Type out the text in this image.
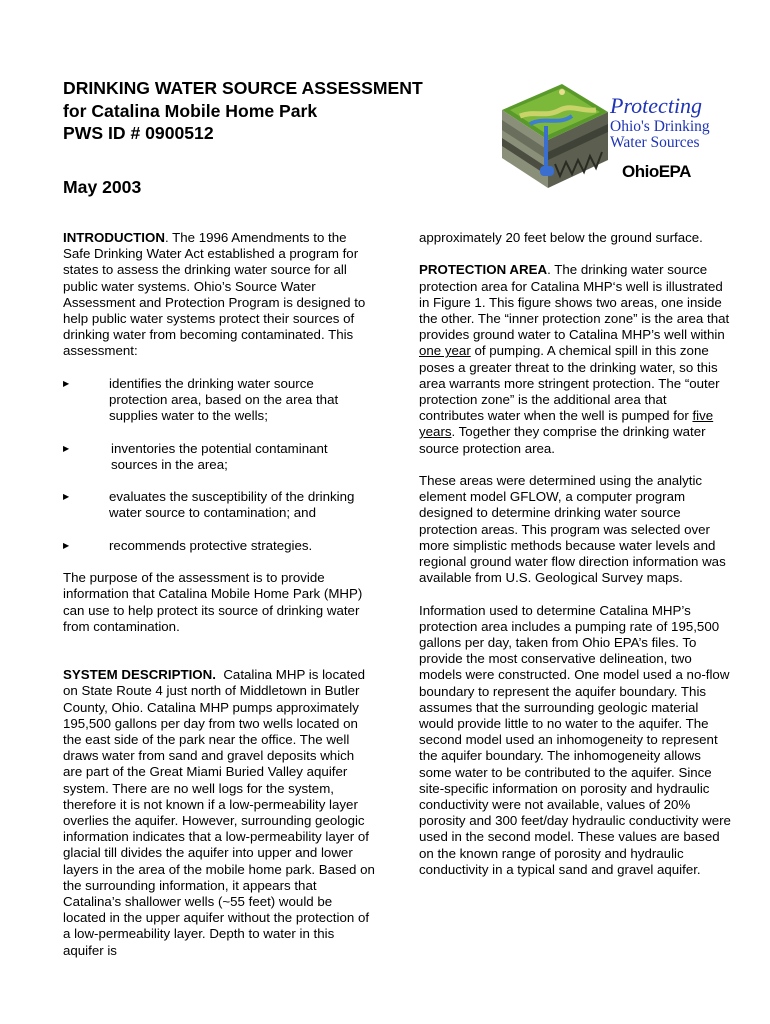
DRINKING WATER SOURCE ASSESSMENT
for Catalina Mobile Home Park
PWS ID # 0900512
May 2003
Protecting
Ohio's Drinking
Water Sources
OhioEPA

INTRODUCTION. The 1996 Amendments to the Safe Drinking Water Act established a program for states to assess the drinking water source for all public water systems. Ohio’s Source Water Assessment and Protection Program is designed to help public water systems protect their sources of drinking water from becoming contaminated. This assessment:

▶	identifies the drinking water source protection area, based on the area that supplies water to the wells;
▶	inventories the potential contaminant sources in the area;
▶	evaluates the susceptibility of the drinking water source to contamination; and
▶	recommends protective strategies.

The purpose of the assessment is to provide information that Catalina Mobile Home Park (MHP) can use to help protect its source of drinking water from contamination.

SYSTEM DESCRIPTION. Catalina MHP is located on State Route 4 just north of Middletown in Butler County, Ohio. Catalina MHP pumps approximately 195,500 gallons per day from two wells located on the east side of the park near the office. The well draws water from sand and gravel deposits which are part of the Great Miami Buried Valley aquifer system. There are no well logs for the system, therefore it is not known if a low-permeability layer overlies the aquifer. However, surrounding geologic information indicates that a low-permeability layer of glacial till divides the aquifer into upper and lower layers in the area of the mobile home park. Based on the surrounding information, it appears that Catalina’s shallower wells (~55 feet) would be located in the upper aquifer without the protection of a low-permeability layer. Depth to water in this aquifer is

approximately 20 feet below the ground surface.

PROTECTION AREA. The drinking water source protection area for Catalina MHP‘s well is illustrated in Figure 1. This figure shows two areas, one inside the other. The “inner protection zone” is the area that provides ground water to Catalina MHP’s well within one year of pumping. A chemical spill in this zone poses a greater threat to the drinking water, so this area warrants more stringent protection. The “outer protection zone” is the additional area that contributes water when the well is pumped for five years. Together they comprise the drinking water source protection area.

These areas were determined using the analytic element model GFLOW, a computer program designed to determine drinking water source protection areas. This program was selected over more simplistic methods because water levels and regional ground water flow direction information was available from U.S. Geological Survey maps.

Information used to determine Catalina MHP’s protection area includes a pumping rate of 195,500 gallons per day, taken from Ohio EPA’s files. To provide the most conservative delineation, two models were constructed. One model used a no-flow boundary to represent the aquifer boundary. This assumes that the surrounding geologic material would provide little to no water to the aquifer. The second model used an inhomogeneity to represent the aquifer boundary. The inhomogeneity allows some water to be contributed to the aquifer. Since site-specific information on porosity and hydraulic conductivity were not available, values of 20% porosity and 300 feet/day hydraulic conductivity were used in the second model. These values are based on the known range of porosity and hydraulic conductivity in a typical sand and gravel aquifer.
